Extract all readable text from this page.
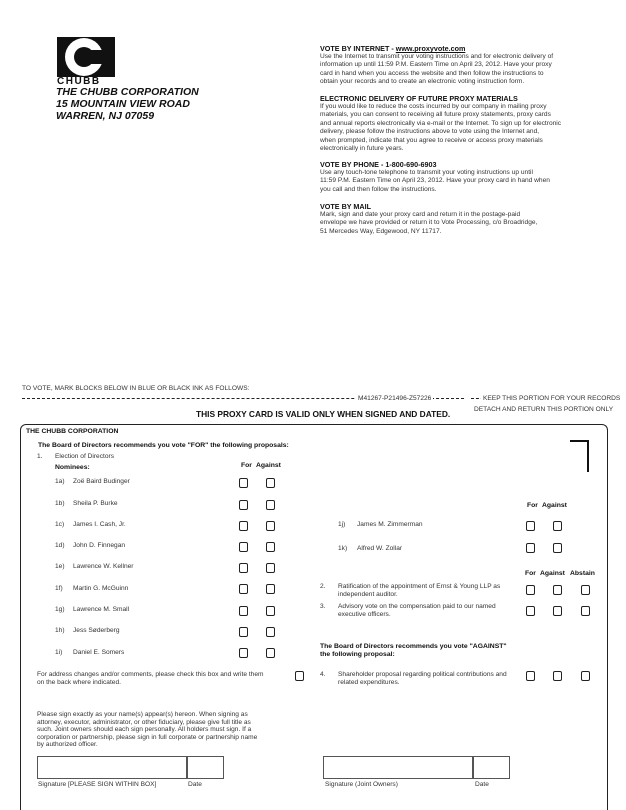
CHUBB
THE CHUBB CORPORATION
15 MOUNTAIN VIEW ROAD
WARREN, NJ 07059
VOTE BY INTERNET - www.proxyvote.com
Use the Internet to transmit your voting instructions and for electronic delivery of
information up until 11:59 P.M. Eastern Time on April 23, 2012. Have your proxy
card in hand when you access the website and then follow the instructions to
obtain your records and to create an electronic voting instruction form.
ELECTRONIC DELIVERY OF FUTURE PROXY MATERIALS
If you would like to reduce the costs incurred by our company in mailing proxy
materials, you can consent to receiving all future proxy statements, proxy cards
and annual reports electronically via e-mail or the Internet. To sign up for electronic
delivery, please follow the instructions above to vote using the Internet and,
when prompted, indicate that you agree to receive or access proxy materials
electronically in future years.
VOTE BY PHONE - 1-800-690-6903
Use any touch-tone telephone to transmit your voting instructions up until
11:59 P.M. Eastern Time on April 23, 2012. Have your proxy card in hand when
you call and then follow the instructions.
VOTE BY MAIL
Mark, sign and date your proxy card and return it in the postage-paid
envelope we have provided or return it to Vote Processing, c/o Broadridge,
51 Mercedes Way, Edgewood, NY 11717.
TO VOTE, MARK BLOCKS BELOW IN BLUE OR BLACK INK AS FOLLOWS:
M41267-P21496-Z57226	KEEP THIS PORTION FOR YOUR RECORDS
THIS PROXY CARD IS VALID ONLY WHEN SIGNED AND DATED.	DETACH AND RETURN THIS PORTION ONLY
THE CHUBB CORPORATION
The Board of Directors recommends you vote "FOR" the following proposals:
1. Election of Directors
Nominees:	For Against
1a) Zoë Baird Budinger
1b) Sheila P. Burke
1c) James I. Cash, Jr.
1d) John D. Finnegan
1e) Lawrence W. Kellner
1f) Martin G. McGuinn
1g) Lawrence M. Small
1h) Jess Søderberg
1i) Daniel E. Somers
For address changes and/or comments, please check this box and write them
on the back where indicated.
For Against
1j) James M. Zimmerman
1k) Alfred W. Zollar
For Against Abstain
2. Ratification of the appointment of Ernst & Young LLP as
independent auditor.
3. Advisory vote on the compensation paid to our named
executive officers.
The Board of Directors recommends you vote "AGAINST"
the following proposal:
4. Shareholder proposal regarding political contributions and
related expenditures.
Please sign exactly as your name(s) appear(s) hereon. When signing as
attorney, executor, administrator, or other fiduciary, please give full title as
such. Joint owners should each sign personally. All holders must sign. If a
corporation or partnership, please sign in full corporate or partnership name
by authorized officer.
Signature [PLEASE SIGN WITHIN BOX]	Date	Signature (Joint Owners)	Date
